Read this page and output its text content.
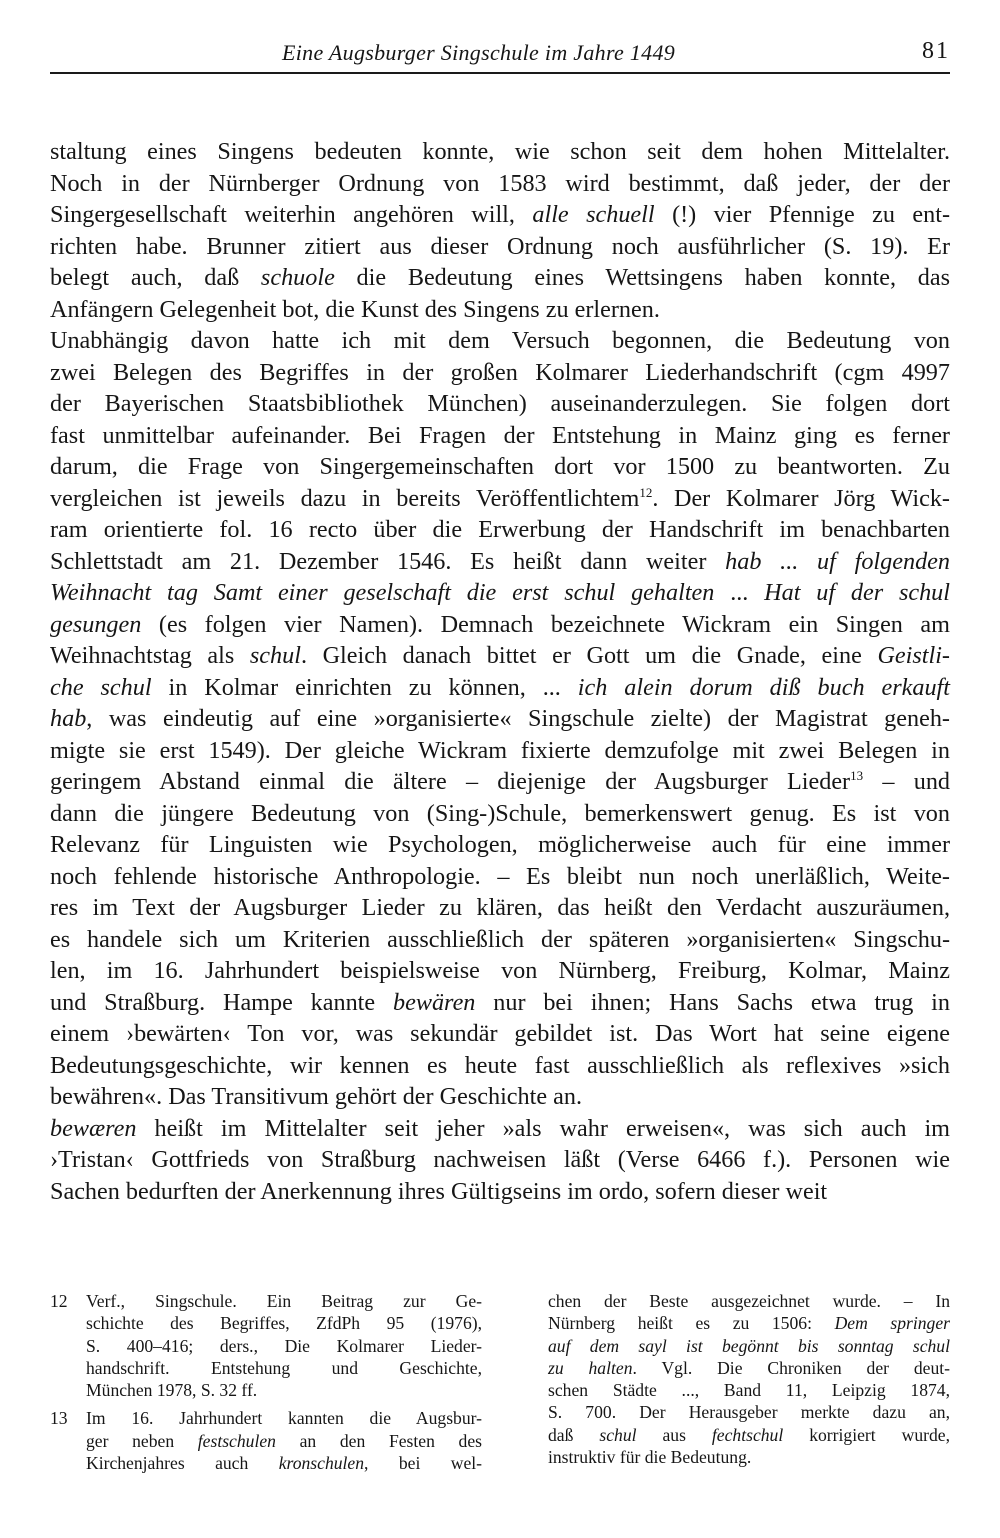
Eine Augsburger Singschule im Jahre 1449	81
staltung eines Singens bedeuten konnte, wie schon seit dem hohen Mittelalter.
Noch in der Nürnberger Ordnung von 1583 wird bestimmt, daß jeder, der der
Singergesellschaft weiterhin angehören will, alle schuell (!) vier Pfennige zu ent-
richten habe. Brunner zitiert aus dieser Ordnung noch ausführlicher (S. 19). Er
belegt auch, daß schuole die Bedeutung eines Wettsingens haben konnte, das
Anfängern Gelegenheit bot, die Kunst des Singens zu erlernen.
Unabhängig davon hatte ich mit dem Versuch begonnen, die Bedeutung von
zwei Belegen des Begriffes in der großen Kolmarer Liederhandschrift (cgm 4997
der Bayerischen Staatsbibliothek München) auseinanderzulegen. Sie folgen dort
fast unmittelbar aufeinander. Bei Fragen der Entstehung in Mainz ging es ferner
darum, die Frage von Singergemeinschaften dort vor 1500 zu beantworten. Zu
vergleichen ist jeweils dazu in bereits Veröffentlichtem$^{12}$. Der Kolmarer Jörg Wick-
ram orientierte fol. 16 recto über die Erwerbung der Handschrift im benachbarten
Schlettstadt am 21. Dezember 1546. Es heißt dann weiter hab ... uf folgenden
Weihnacht tag Samt einer geselschaft die erst schul gehalten ... Hat uf der schul
gesungen (es folgen vier Namen). Demnach bezeichnete Wickram ein Singen am
Weihnachtstag als schul. Gleich danach bittet er Gott um die Gnade, eine Geistli-
che schul in Kolmar einrichten zu können, ... ich alein dorum diß buch erkauft
hab, was eindeutig auf eine »organisierte« Singschule zielte) der Magistrat geneh-
migte sie erst 1549). Der gleiche Wickram fixierte demzufolge mit zwei Belegen in
geringem Abstand einmal die ältere – diejenige der Augsburger Lieder$^{13}$ – und
dann die jüngere Bedeutung von (Sing-)Schule, bemerkenswert genug. Es ist von
Relevanz für Linguisten wie Psychologen, möglicherweise auch für eine immer
noch fehlende historische Anthropologie. – Es bleibt nun noch unerläßlich, Weite-
res im Text der Augsburger Lieder zu klären, das heißt den Verdacht auszuräumen,
es handele sich um Kriterien ausschließlich der späteren »organisierten« Singschu-
len, im 16. Jahrhundert beispielsweise von Nürnberg, Freiburg, Kolmar, Mainz
und Straßburg. Hampe kannte bewären nur bei ihnen; Hans Sachs etwa trug in
einem ›bewärten‹ Ton vor, was sekundär gebildet ist. Das Wort hat seine eigene
Bedeutungsgeschichte, wir kennen es heute fast ausschließlich als reflexives »sich
bewähren«. Das Transitivum gehört der Geschichte an.
bewæren heißt im Mittelalter seit jeher »als wahr erweisen«, was sich auch im
›Tristan‹ Gottfrieds von Straßburg nachweisen läßt (Verse 6466 f.). Personen wie
Sachen bedurften der Anerkennung ihres Gültigseins im ordo, sofern dieser weit
12 Verf., Singschule. Ein Beitrag zur Ge-
schichte des Begriffes, ZfdPh 95 (1976),
S. 400–416; ders., Die Kolmarer Lieder-
handschrift. Entstehung und Geschichte,
München 1978, S. 32 ff.
13 Im 16. Jahrhundert kannten die Augsbur-
ger neben festschulen an den Festen des
Kirchenjahres auch kronschulen, bei wel-
chen der Beste ausgezeichnet wurde. – In
Nürnberg heißt es zu 1506: Dem springer
auf dem sayl ist begönnt bis sonntag schul
zu halten. Vgl. Die Chroniken der deut-
schen Städte ..., Band 11, Leipzig 1874,
S. 700. Der Herausgeber merkte dazu an,
daß schul aus fechtschul korrigiert wurde,
instruktiv für die Bedeutung.
